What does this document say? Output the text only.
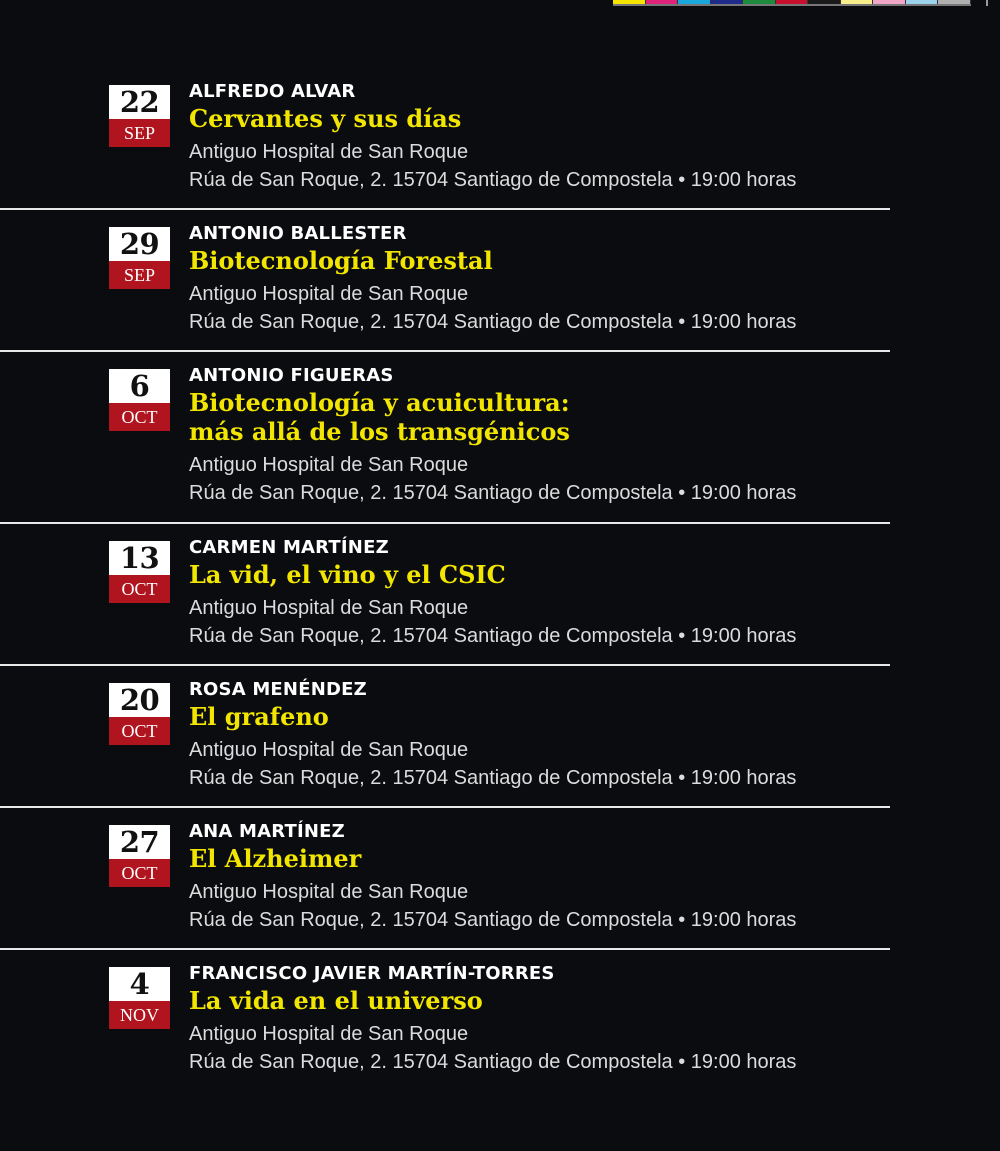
22
SEP
ALFREDO ALVAR
Cervantes y sus días
Antiguo Hospital de San Roque
Rúa de San Roque, 2. 15704 Santiago de Compostela • 19:00 horas
29
SEP
ANTONIO BALLESTER
Biotecnología Forestal
Antiguo Hospital de San Roque
Rúa de San Roque, 2. 15704 Santiago de Compostela • 19:00 horas
6
OCT
ANTONIO FIGUERAS
Biotecnología y acuicultura:
más allá de los transgénicos
Antiguo Hospital de San Roque
Rúa de San Roque, 2. 15704 Santiago de Compostela • 19:00 horas
13
OCT
CARMEN MARTÍNEZ
La vid, el vino y el CSIC
Antiguo Hospital de San Roque
Rúa de San Roque, 2. 15704 Santiago de Compostela • 19:00 horas
20
OCT
ROSA MENÉNDEZ
El grafeno
Antiguo Hospital de San Roque
Rúa de San Roque, 2. 15704 Santiago de Compostela • 19:00 horas
27
OCT
ANA MARTÍNEZ
El Alzheimer
Antiguo Hospital de San Roque
Rúa de San Roque, 2. 15704 Santiago de Compostela • 19:00 horas
4
NOV
FRANCISCO JAVIER MARTÍN-TORRES
La vida en el universo
Antiguo Hospital de San Roque
Rúa de San Roque, 2. 15704 Santiago de Compostela • 19:00 horas
